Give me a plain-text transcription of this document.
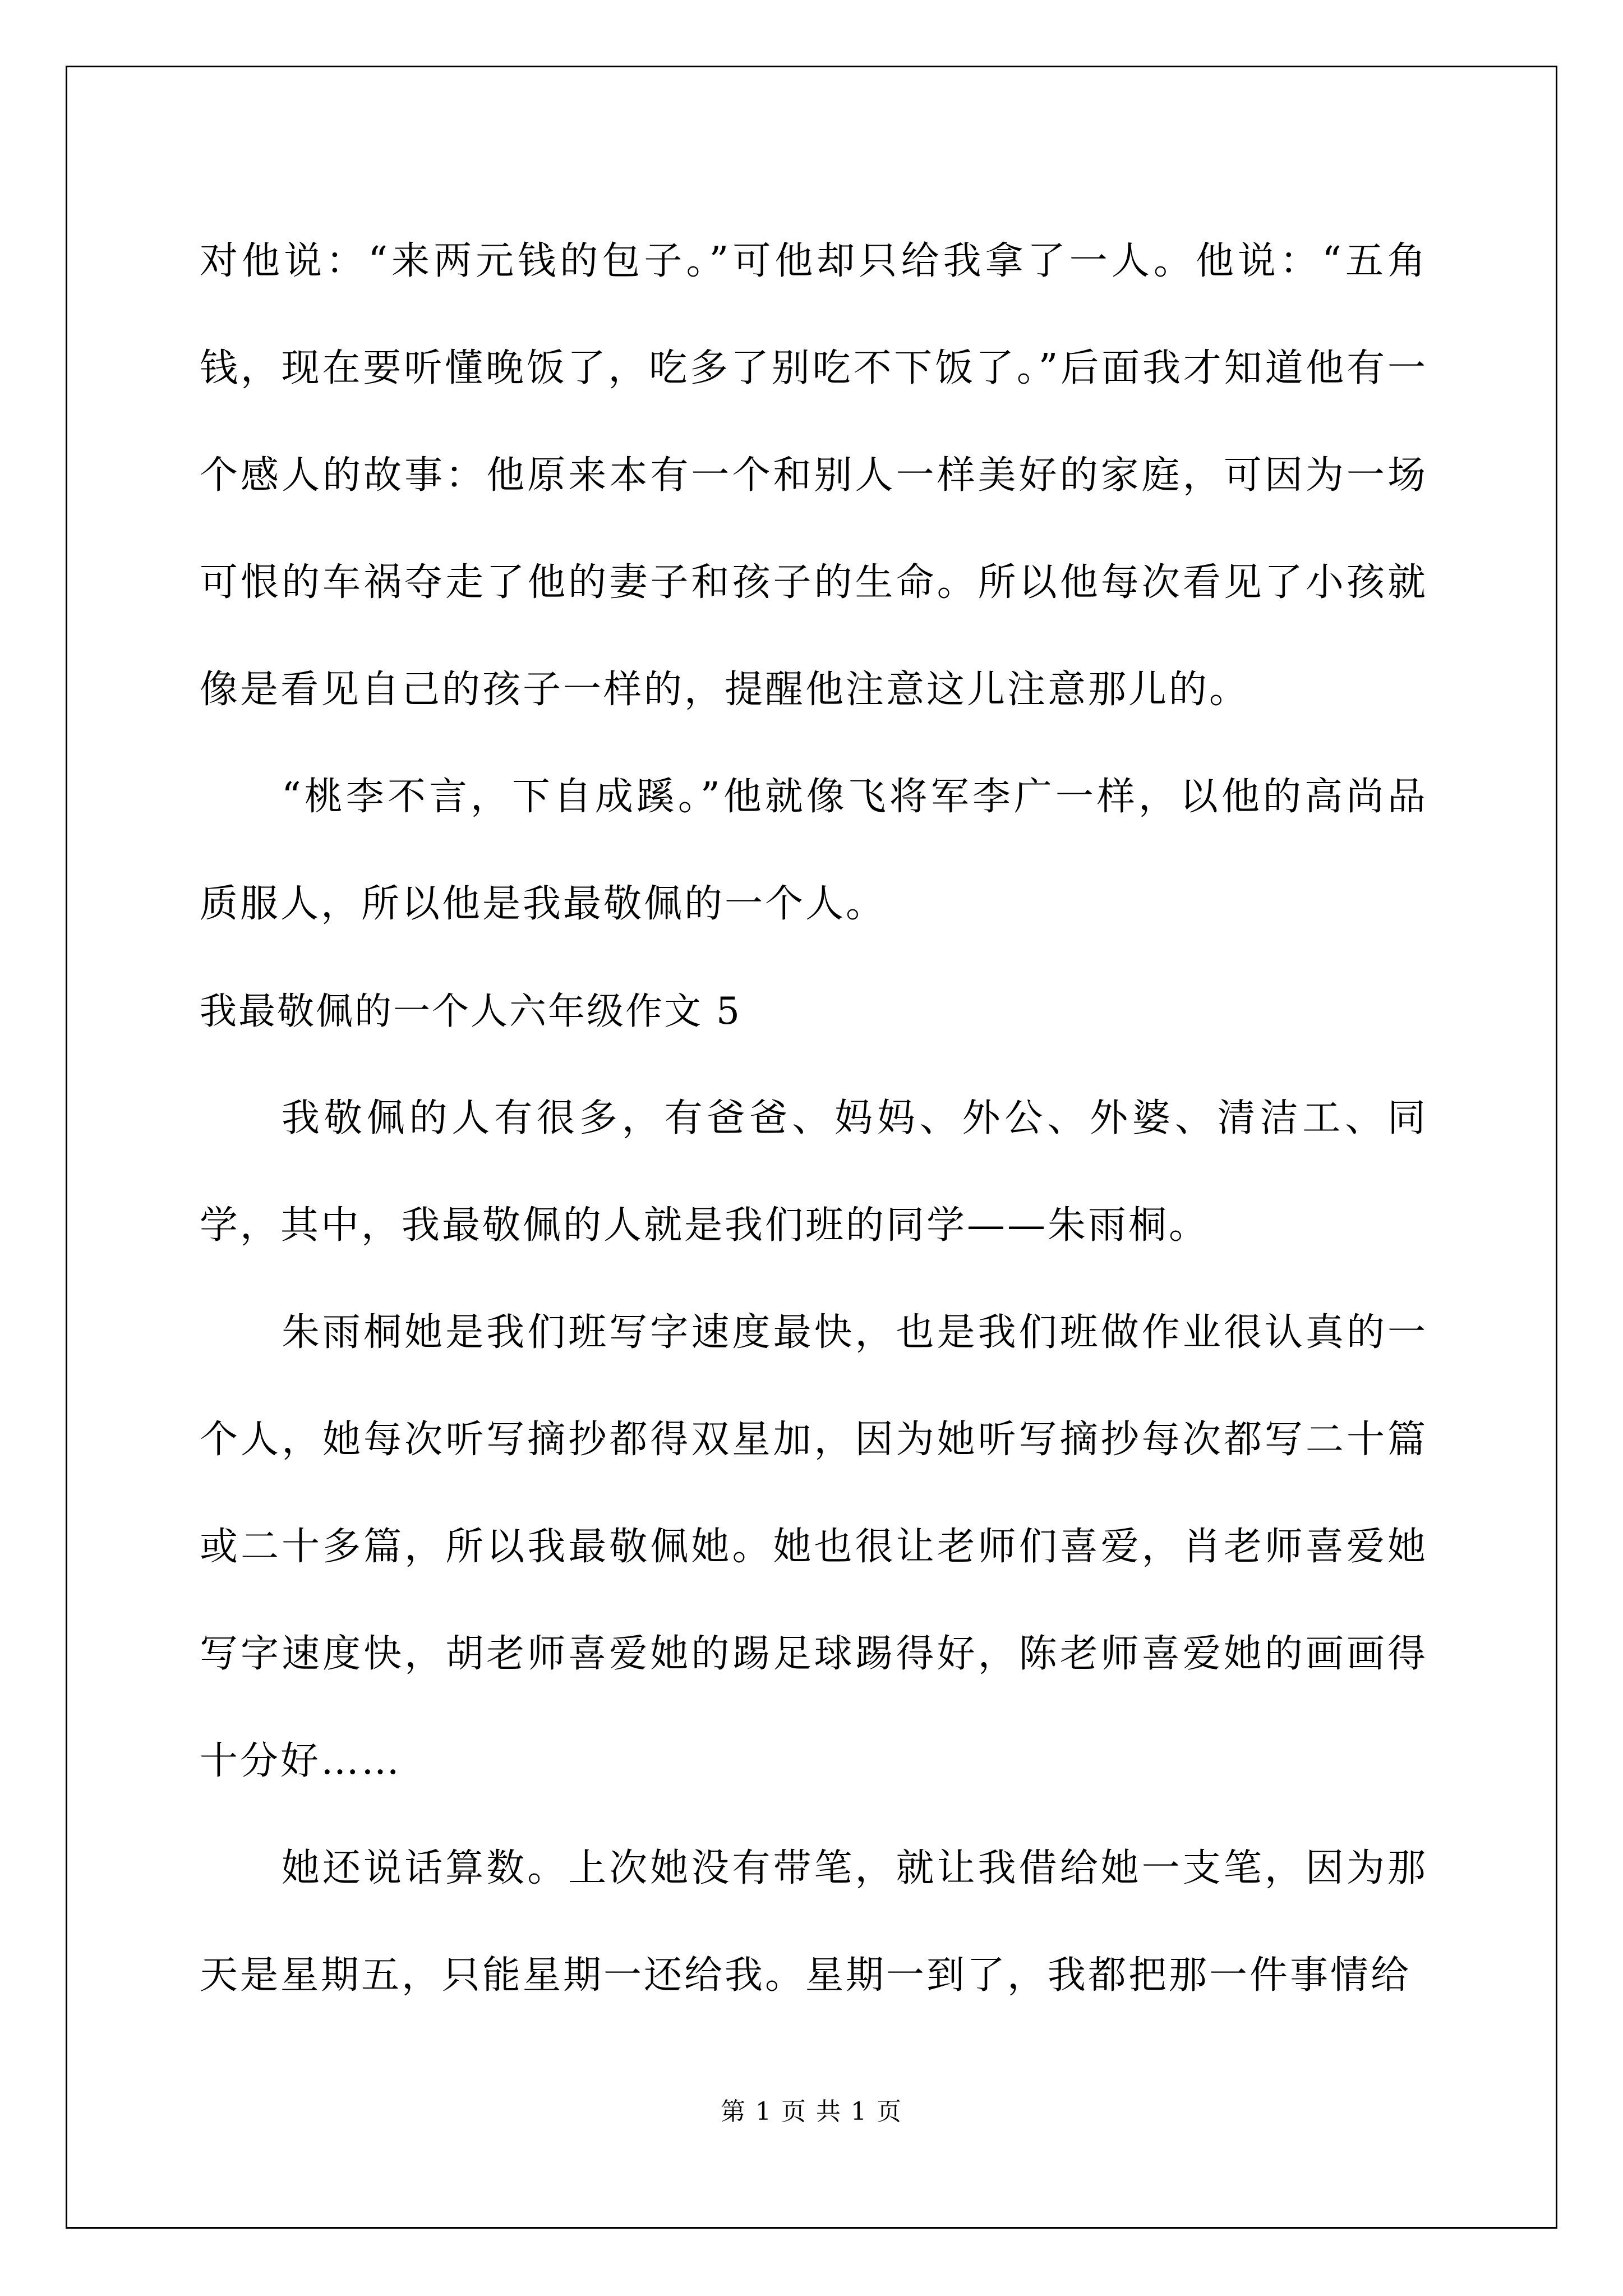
对他说：“来两元钱的包子。”可他却只给我拿了一人。他说：“五角钱，现在要听懂晚饭了，吃多了别吃不下饭了。”后面我才知道他有一个感人的故事：他原来本有一个和别人一样美好的家庭，可因为一场可恨的车祸夺走了他的妻子和孩子的生命。所以他每次看见了小孩就像是看见自己的孩子一样的，提醒他注意这儿注意那儿的。

“桃李不言，下自成蹊。”他就像飞将军李广一样，以他的高尚品质服人，所以他是我最敬佩的一个人。

我最敬佩的一个人六年级作文 5

我敬佩的人有很多，有爸爸、妈妈、外公、外婆、清洁工、同学，其中，我最敬佩的人就是我们班的同学——朱雨桐。

朱雨桐她是我们班写字速度最快，也是我们班做作业很认真的一个人，她每次听写摘抄都得双星加，因为她听写摘抄每次都写二十篇或二十多篇，所以我最敬佩她。她也很让老师们喜爱，肖老师喜爱她写字速度快，胡老师喜爱她的踢足球踢得好，陈老师喜爱她的画画得十分好……

她还说话算数。上次她没有带笔，就让我借给她一支笔，因为那天是星期五，只能星期一还给我。星期一到了，我都把那一件事情给

第 1 页 共 1 页
